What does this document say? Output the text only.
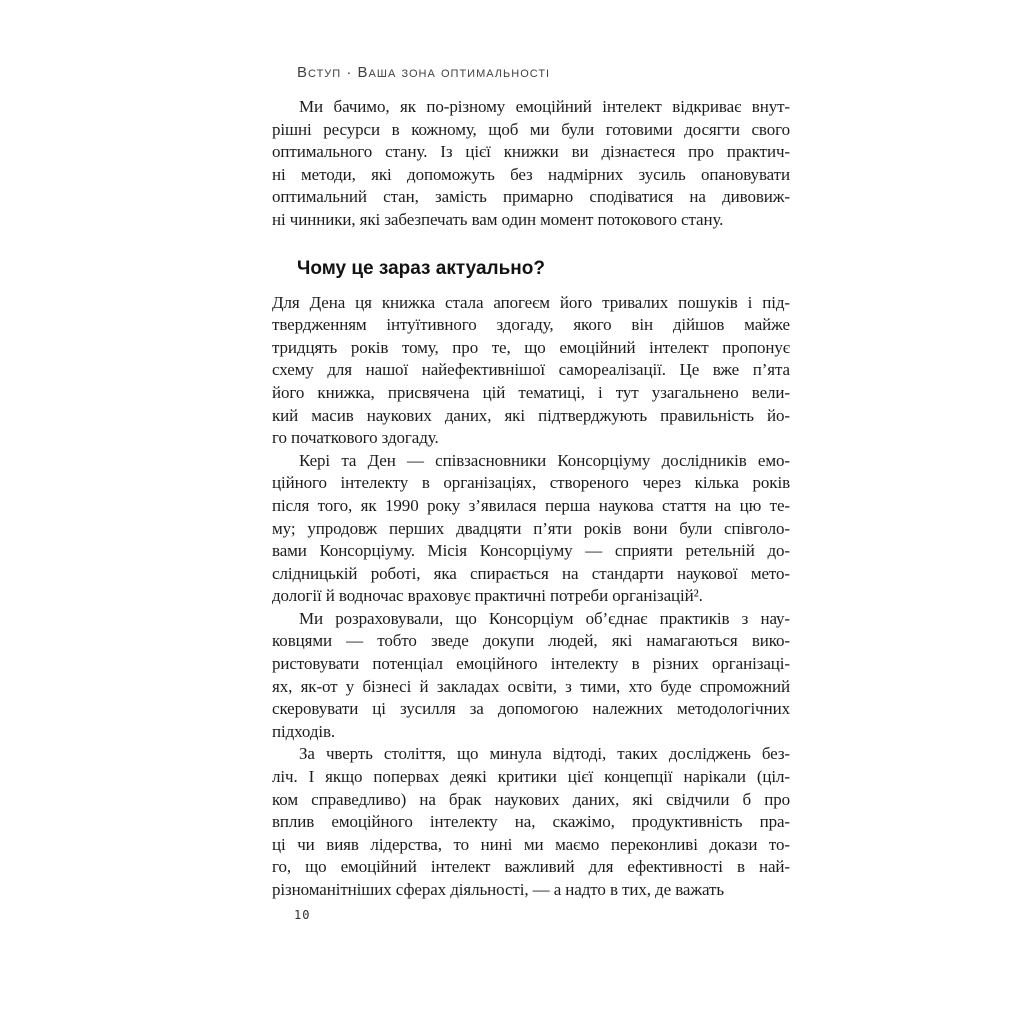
Вступ · Ваша зона оптимальності

Ми бачимо, як по-різному емоційний інтелект відкриває внут-
рішні ресурси в кожному, щоб ми були готовими досягти свого
оптимального стану. Із цієї книжки ви дізнаєтеся про практич-
ні методи, які допоможуть без надмірних зусиль опановувати
оптимальний стан, замість примарно сподіватися на дивовиж-
ні чинники, які забезпечать вам один момент потокового стану.

Чому це зараз актуально?

Для Дена ця книжка стала апогеєм його тривалих пошуків і під-
твердженням інтуїтивного здогаду, якого він дійшов майже
тридцять років тому, про те, що емоційний інтелект пропонує
схему для нашої найефективнішої самореалізації. Це вже п’ята
його книжка, присвячена цій тематиці, і тут узагальнено вели-
кий масив наукових даних, які підтверджують правильність йо-
го початкового здогаду.

Кері та Ден — співзасновники Консорціуму дослідників емо-
ційного інтелекту в організаціях, створеного через кілька років
після того, як 1990 року з’явилася перша наукова стаття на цю те-
му; упродовж перших двадцяти п’яти років вони були співголо-
вами Консорціуму. Місія Консорціуму — сприяти ретельній до-
слідницькій роботі, яка спирається на стандарти наукової мето-
дології й водночас враховує практичні потреби організацій².

Ми розраховували, що Консорціум об’єднає практиків з нау-
ковцями — тобто зведе докупи людей, які намагаються вико-
ристовувати потенціал емоційного інтелекту в різних організаці-
ях, як-от у бізнесі й закладах освіти, з тими, хто буде спроможний
скеровувати ці зусилля за допомогою належних методологічних
підходів.

За чверть століття, що минула відтоді, таких досліджень без-
ліч. І якщо попервах деякі критики цієї концепції нарікали (ціл-
ком справедливо) на брак наукових даних, які свідчили б про
вплив емоційного інтелекту на, скажімо, продуктивність пра-
ці чи вияв лідерства, то нині ми маємо переконливі докази то-
го, що емоційний інтелект важливий для ефективності в най-
різноманітніших сферах діяльності, — а надто в тих, де важать

10
